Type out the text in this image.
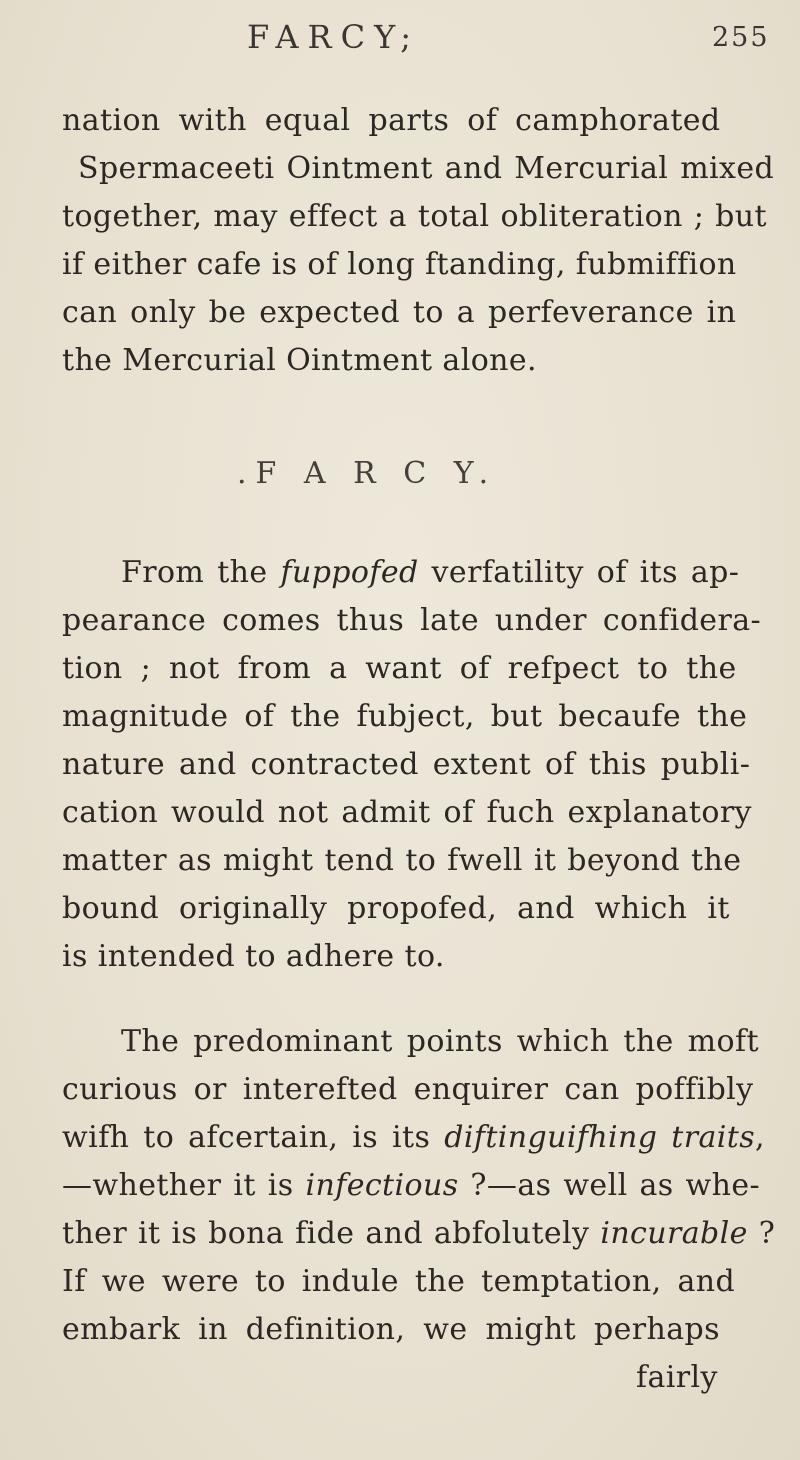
FARCY;	255
nation with equal parts of camphorated
Spermaceeti Ointment and Mercurial mixed
together, may effect a total obliteration ; but
if either cafe is of long ftanding, fubmiffion
can only be expected to a perfeverance in
the Mercurial Ointment alone.
.F A R C Y.
From the fuppofed verfatility of its ap-
pearance comes thus late under confidera-
tion ; not from a want of refpect to the
magnitude of the fubject, but becaufe the
nature and contracted extent of this publi-
cation would not admit of fuch explanatory
matter as might tend to fwell it beyond the
bound originally propofed, and which it
is intended to adhere to.
The predominant points which the moft
curious or interefted enquirer can poffibly
wifh to afcertain, is its diftinguifhing traits,
—whether it is infectious ?—as well as whe-
ther it is bona fide and abfolutely incurable ?
If we were to indule the temptation, and
embark in definition, we might perhaps
fairly
